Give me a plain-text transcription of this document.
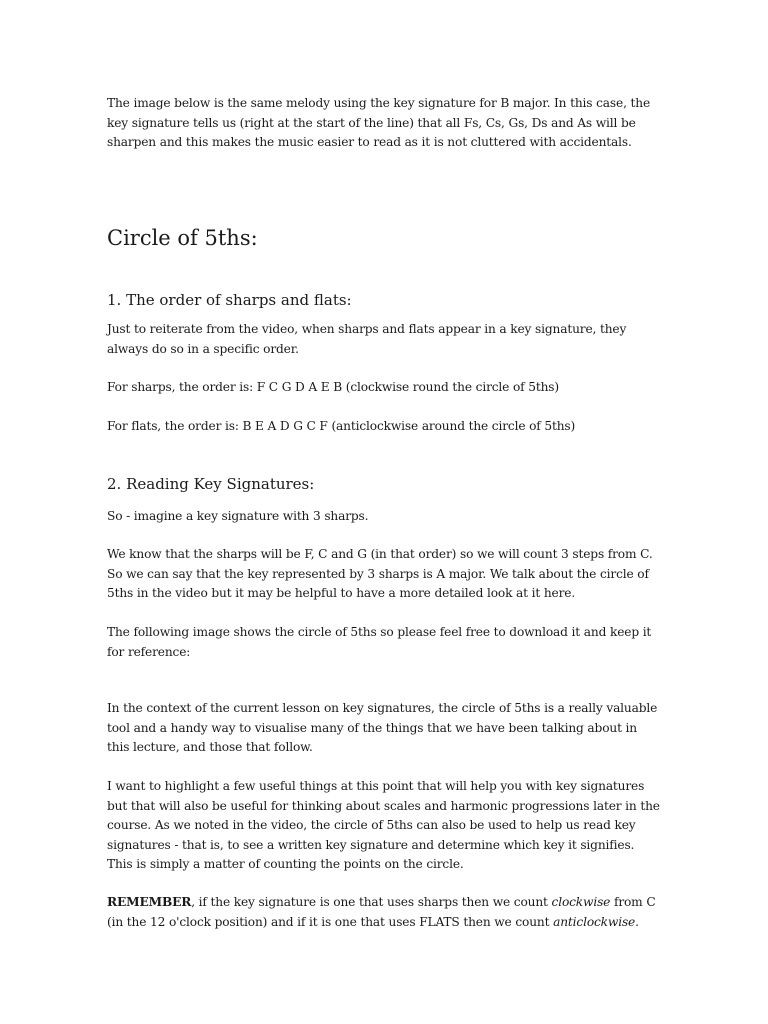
The image below is the same melody using the key signature for B major. In this case, the key signature tells us (right at the start of the line) that all Fs, Cs, Gs, Ds and As will be sharpen and this makes the music easier to read as it is not cluttered with accidentals.

Circle of 5ths:
1. The order of sharps and flats:

Just to reiterate from the video, when sharps and flats appear in a key signature, they always do so in a specific order.

For sharps, the order is: F C G D A E B (clockwise round the circle of 5ths)

For flats, the order is: B E A D G C F (anticlockwise around the circle of 5ths)

2. Reading Key Signatures:

So - imagine a key signature with 3 sharps.

We know that the sharps will be F, C and G (in that order) so we will count 3 steps from C. So we can say that the key represented by 3 sharps is A major. We talk about the circle of 5ths in the video but it may be helpful to have a more detailed look at it here.

The following image shows the circle of 5ths so please feel free to download it and keep it for reference:

In the context of the current lesson on key signatures, the circle of 5ths is a really valuable tool and a handy way to visualise many of the things that we have been talking about in this lecture, and those that follow.

I want to highlight a few useful things at this point that will help you with key signatures but that will also be useful for thinking about scales and harmonic progressions later in the course. As we noted in the video, the circle of 5ths can also be used to help us read key signatures - that is, to see a written key signature and determine which key it signifies. This is simply a matter of counting the points on the circle.

REMEMBER, if the key signature is one that uses sharps then we count clockwise from C (in the 12 o'clock position) and if it is one that uses FLATS then we count anticlockwise.
